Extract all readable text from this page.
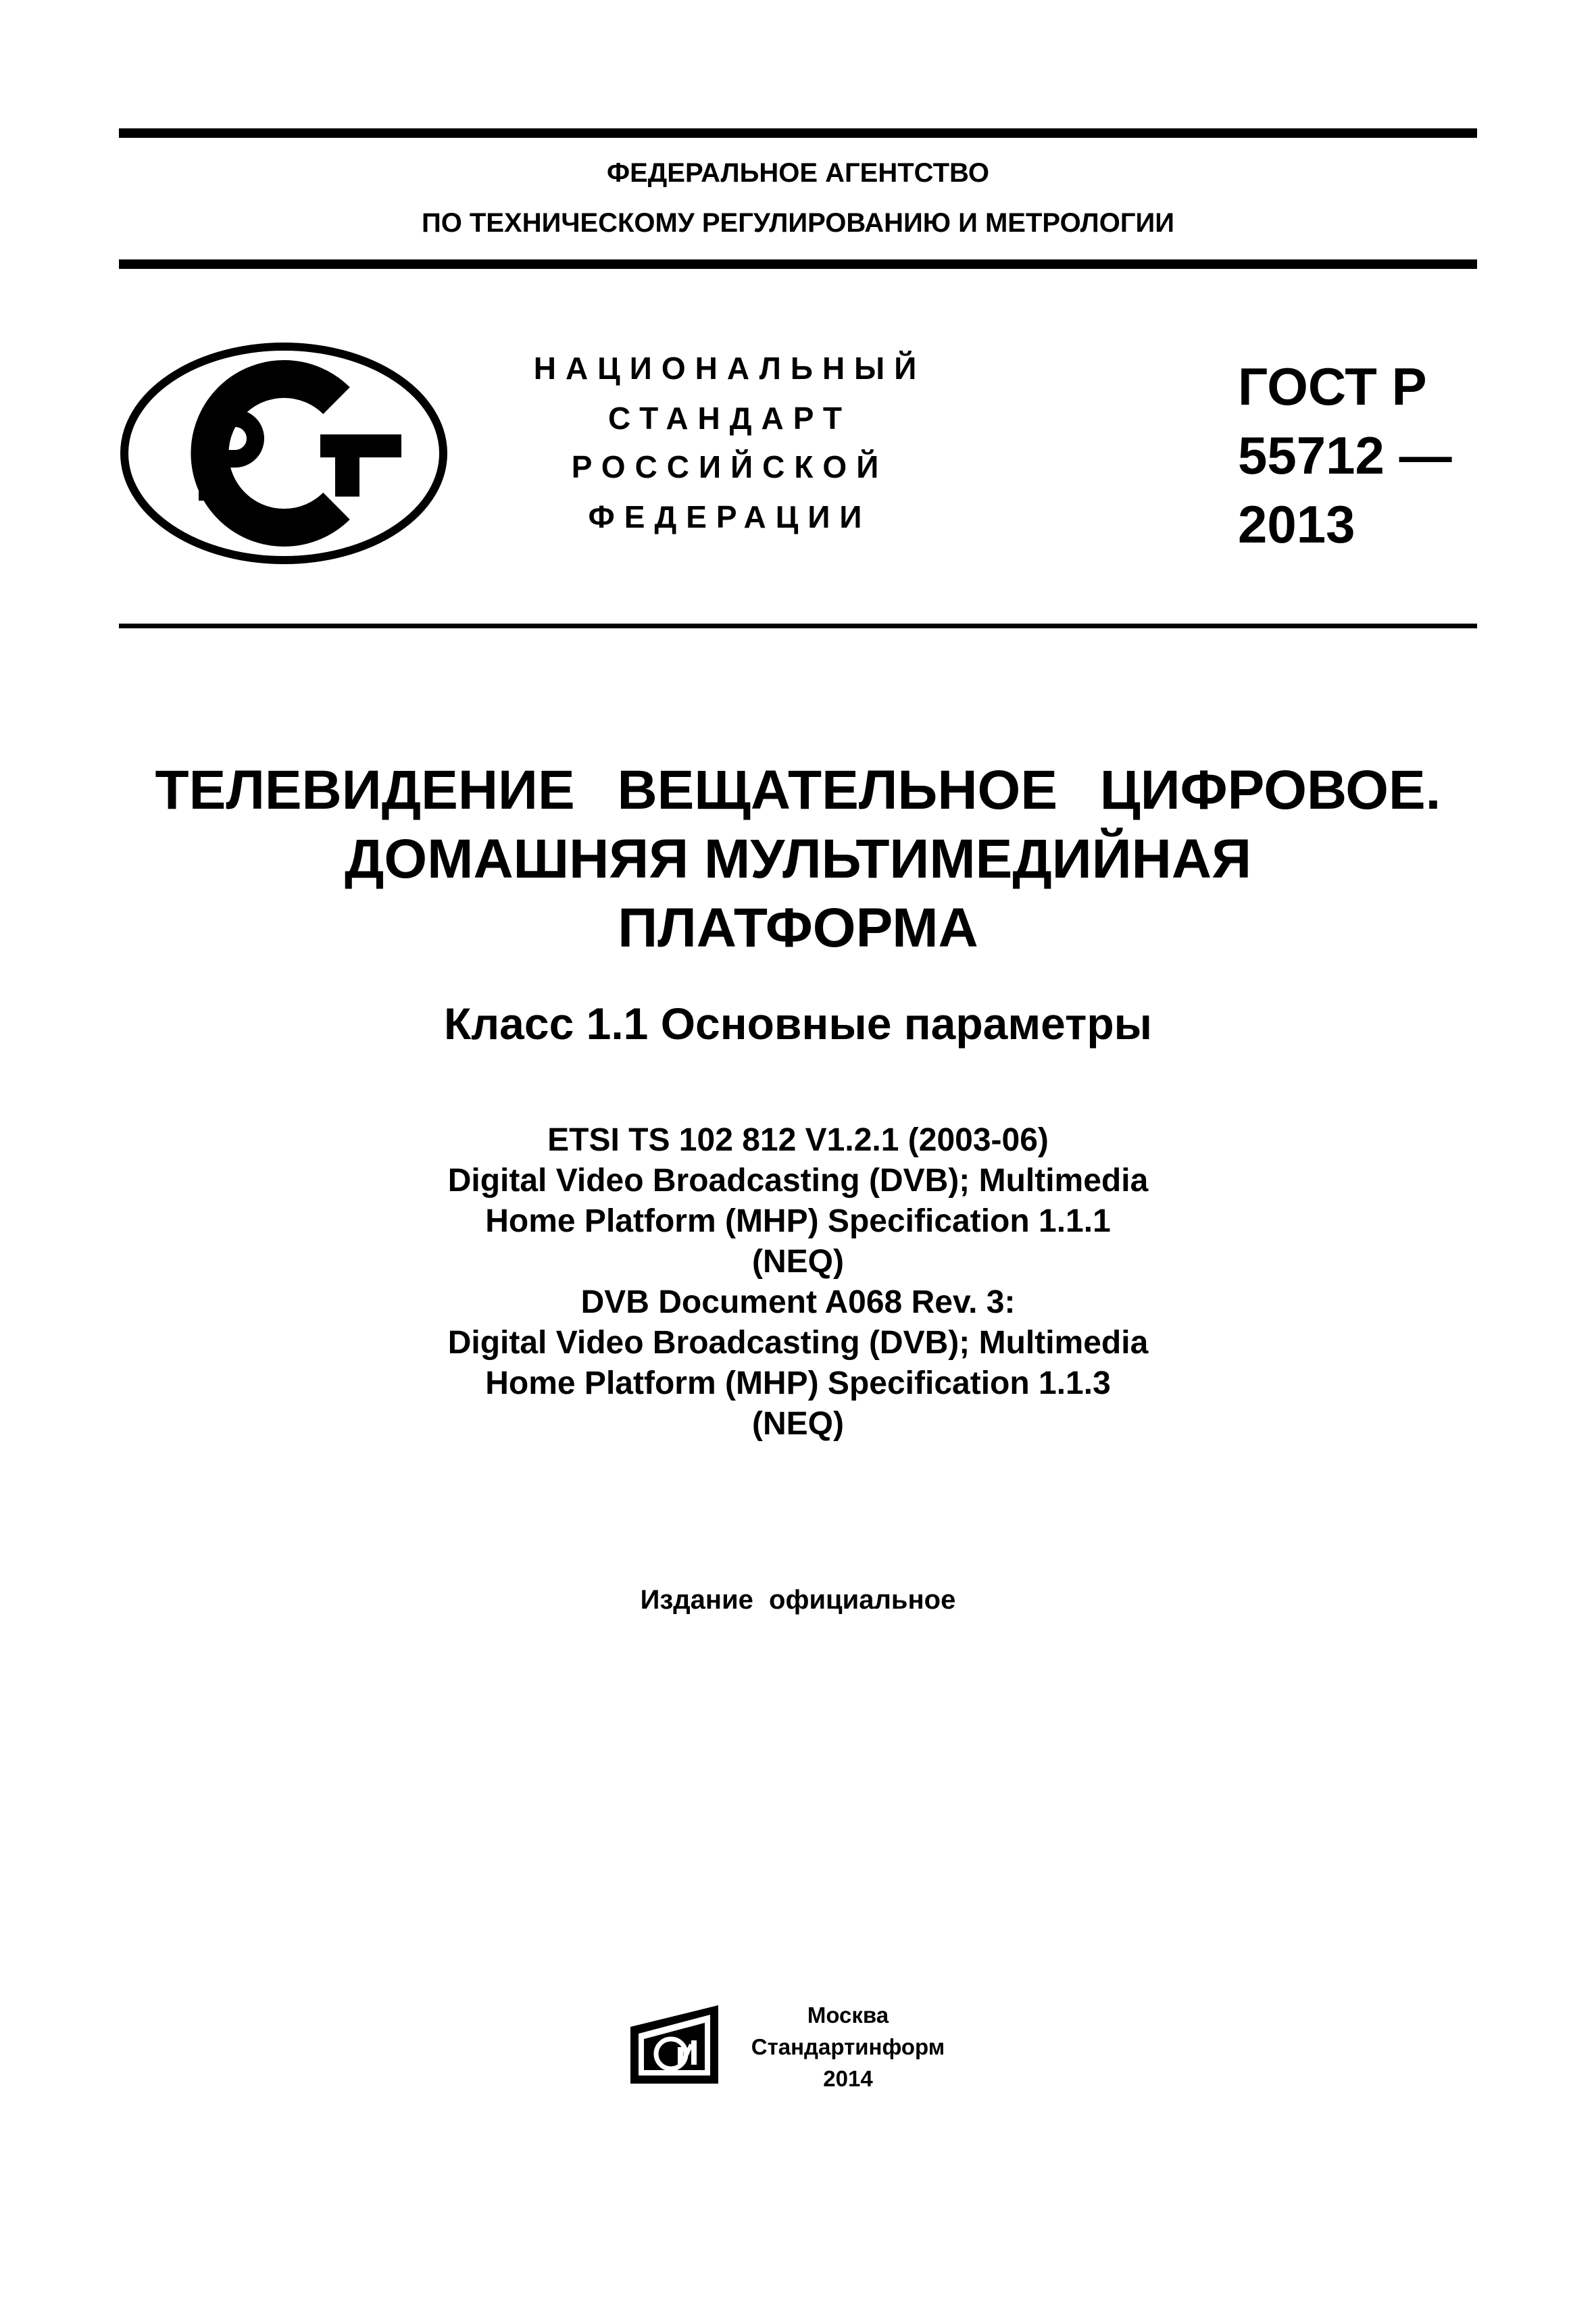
ФЕДЕРАЛЬНОЕ АГЕНТСТВО
ПО ТЕХНИЧЕСКОМУ РЕГУЛИРОВАНИЮ И МЕТРОЛОГИИ
НАЦИОНАЛЬНЫЙ
СТАНДАРТ
РОССИЙСКОЙ
ФЕДЕРАЦИИ
ГОСТ Р
55712 —
2013
ТЕЛЕВИДЕНИЕ ВЕЩАТЕЛЬНОЕ ЦИФРОВОЕ.
ДОМАШНЯЯ МУЛЬТИМЕДИЙНАЯ
ПЛАТФОРМА
Класс 1.1 Основные параметры
ETSI TS 102 812 V1.2.1 (2003-06)
Digital Video Broadcasting (DVB); Multimedia
Home Platform (MHP) Specification 1.1.1
(NEQ)
DVB Document A068 Rev. 3:
Digital Video Broadcasting (DVB); Multimedia
Home Platform (MHP) Specification 1.1.3
(NEQ)
Издание официальное
Москва
Стандартинформ
2014
